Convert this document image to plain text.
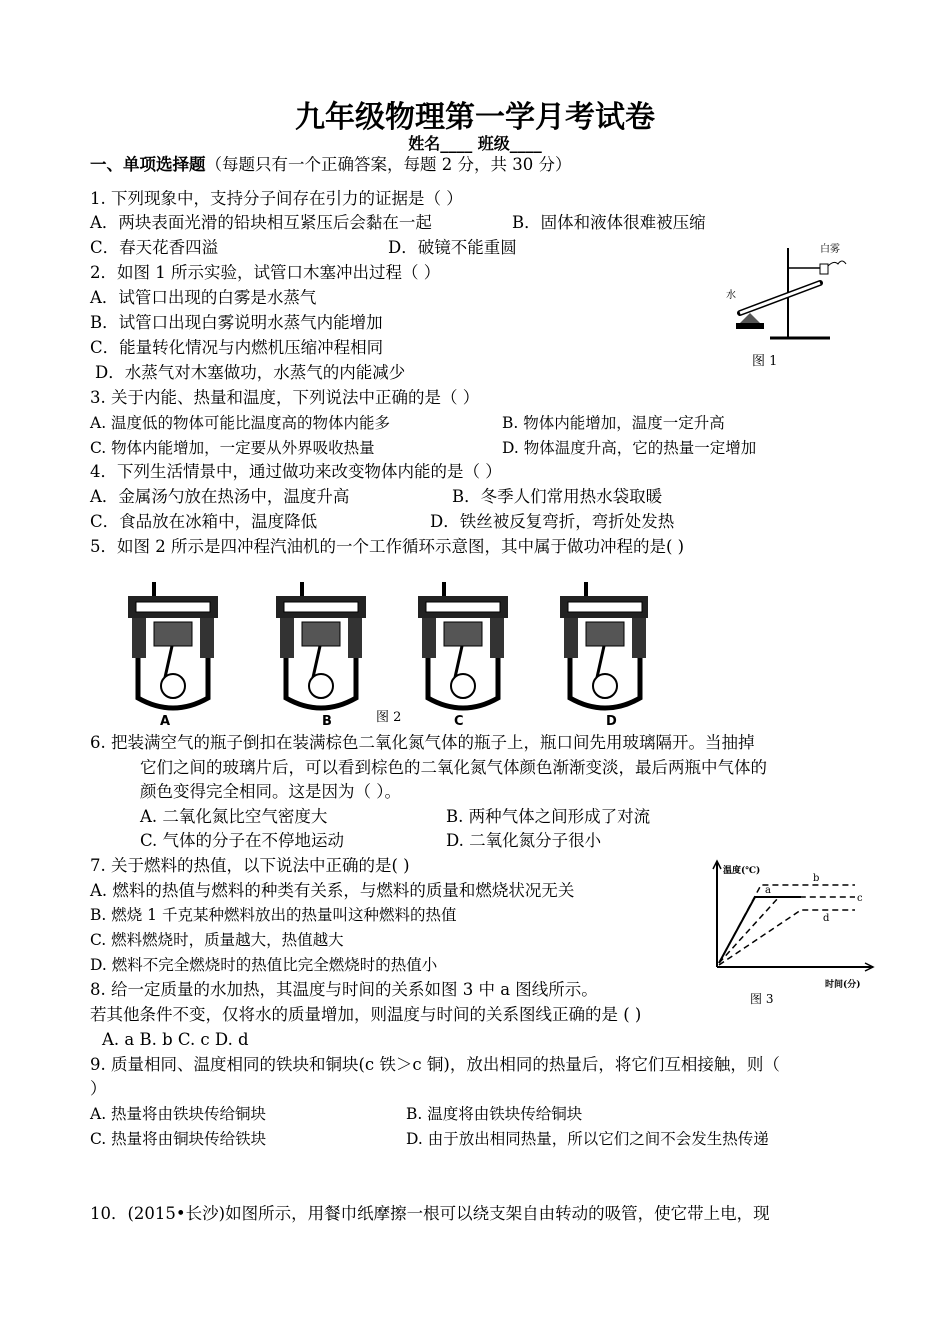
九年级物理第一学月考试卷
姓名____ 班级____
一、单项选择题（每题只有一个正确答案，每题 2 分，共 30 分）
1. 下列现象中，支持分子间存在引力的证据是（ ）
A．两块表面光滑的铅块相互紧压后会黏在一起	B．固体和液体很难被压缩
C．春天花香四溢	D．破镜不能重圆
2．如图 1 所示实验，试管口木塞冲出过程（ ）
A．试管口出现的白雾是水蒸气
B．试管口出现白雾说明水蒸气内能增加
C．能量转化情况与内燃机压缩冲程相同
D．水蒸气对木塞做功，水蒸气的内能减少
白雾
水
图 1
3. 关于内能、热量和温度，下列说法中正确的是（ ）
A. 温度低的物体可能比温度高的物体内能多	B. 物体内能增加，温度一定升高
C. 物体内能增加，一定要从外界吸收热量	D. 物体温度升高，它的热量一定增加
4．下列生活情景中，通过做功来改变物体内能的是（ ）
A．金属汤勺放在热汤中，温度升高	B．冬季人们常用热水袋取暖
C．食品放在冰箱中，温度降低	D．铁丝被反复弯折，弯折处发热
5．如图 2 所示是四冲程汽油机的一个工作循环示意图，其中属于做功冲程的是( )
A	B	C	D
图 2
6. 把装满空气的瓶子倒扣在装满棕色二氧化氮气体的瓶子上，瓶口间先用玻璃隔开。当抽掉
它们之间的玻璃片后，可以看到棕色的二氧化氮气体颜色渐渐变淡，最后两瓶中气体的
颜色变得完全相同。这是因为（ ）。
A. 二氧化氮比空气密度大	B. 两种气体之间形成了对流
C. 气体的分子在不停地运动	D. 二氧化氮分子很小
7. 关于燃料的热值，以下说法中正确的是( )
A. 燃料的热值与燃料的种类有关系，与燃料的质量和燃烧状况无关
B. 燃烧 1 千克某种燃料放出的热量叫这种燃料的热值
C. 燃料燃烧时，质量越大，热值越大
D. 燃料不完全燃烧时的热值比完全燃烧时的热值小
温度(℃)
时间(分)
a
b
c
d
图 3
8. 给一定质量的水加热，其温度与时间的关系如图 3 中 a 图线所示。
若其他条件不变，仅将水的质量增加，则温度与时间的关系图线正确的是 ( )
A. a B. b C. c D. d
9. 质量相同、温度相同的铁块和铜块(c 铁＞c 铜)，放出相同的热量后，将它们互相接触，则（
）
A. 热量将由铁块传给铜块	B. 温度将由铁块传给铜块
C. 热量将由铜块传给铁块	D. 由于放出相同热量，所以它们之间不会发生热传递
10．(2015•长沙)如图所示，用餐巾纸摩擦一根可以绕支架自由转动的吸管，使它带上电，现
